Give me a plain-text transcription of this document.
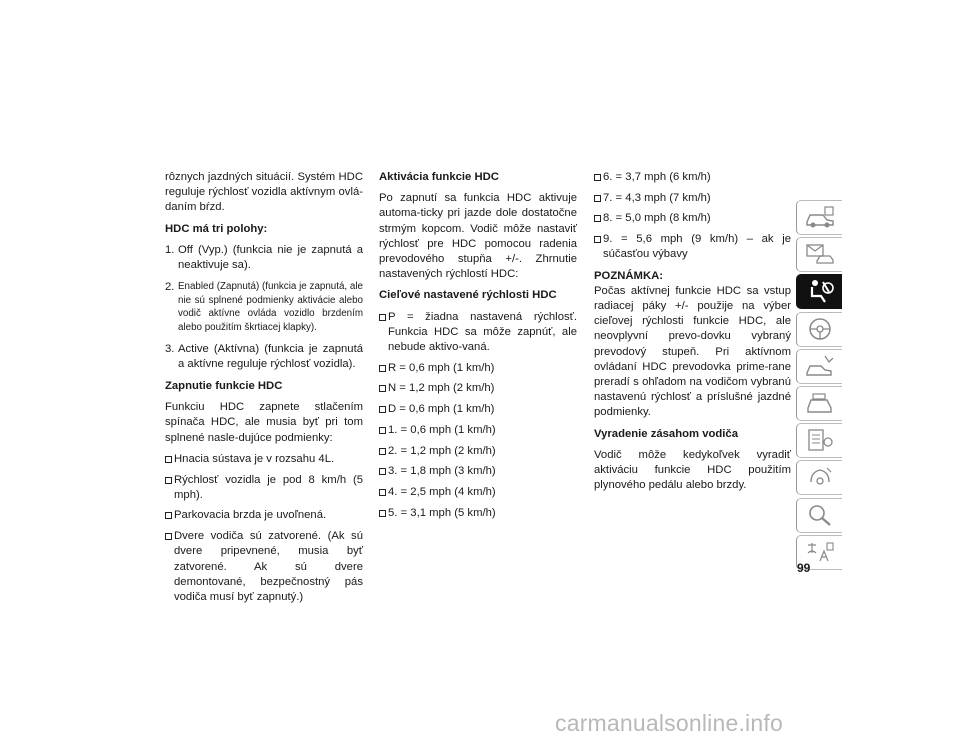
rôznych jazdných situácií. Systém HDC reguluje rýchlosť vozidla aktívnym ovlá-daním bŕzd.

HDC má tri polohy:
1. Off (Vyp.) (funkcia nie je zapnutá a neaktivuje sa).
2. Enabled (Zapnutá) (funkcia je zapnutá, ale nie sú splnené podmienky aktivácie alebo vodič aktívne ovláda vozidlo brzdením alebo použitím škrtiacej klapky).
3. Active (Aktívna) (funkcia je zapnutá a aktívne reguluje rýchlosť vozidla).
Zapnutie funkcie HDC

Funkciu HDC zapnete stlačením spínača HDC, ale musia byť pri tom splnené nasle-dujúce podmienky:

Hnacia sústava je v rozsahu 4L.
Rýchlosť vozidla je pod 8 km/h (5 mph).
Parkovacia brzda je uvoľnená.
Dvere vodiča sú zatvorené. (Ak sú dvere pripevnené, musia byť zatvorené. Ak sú dvere demontované, bezpečnostný pás vodiča musí byť zapnutý.)
Aktivácia funkcie HDC

Po zapnutí sa funkcia HDC aktivuje automa-ticky pri jazde dole dostatočne strmým kopcom. Vodič môže nastaviť rýchlosť pre HDC pomocou radenia prevodového stupňa +/-. Zhrnutie nastavených rýchlostí HDC:

Cieľové nastavené rýchlosti HDC
P = žiadna nastavená rýchlosť. Funkcia HDC sa môže zapnúť, ale nebude aktivo-vaná.
R = 0,6 mph (1 km/h)
N = 1,2 mph (2 km/h)
D = 0,6 mph (1 km/h)
1. = 0,6 mph (1 km/h)
2. = 1,2 mph (2 km/h)
3. = 1,8 mph (3 km/h)
4. = 2,5 mph (4 km/h)
5. = 3,1 mph (5 km/h)
6. = 3,7 mph (6 km/h)
7. = 4,3 mph (7 km/h)
8. = 5,0 mph (8 km/h)
9. = 5,6 mph (9 km/h) – ak je súčasťou výbavy
POZNÁMKA:

Počas aktívnej funkcie HDC sa vstup radiacej páky +/- použije na výber cieľovej rýchlosti funkcie HDC, ale neovplyvní prevo-dovku vybraný prevodový stupeň. Pri aktívnom ovládaní HDC prevodovka prime-rane preradí s ohľadom na vodičom vybranú nastavenú rýchlosť a príslušné jazdné podmienky.

Vyradenie zásahom vodiča

Vodič môže kedykoľvek vyradiť aktiváciu funkcie HDC použitím plynového pedálu alebo brzdy.

99
carmanualsonline.info
